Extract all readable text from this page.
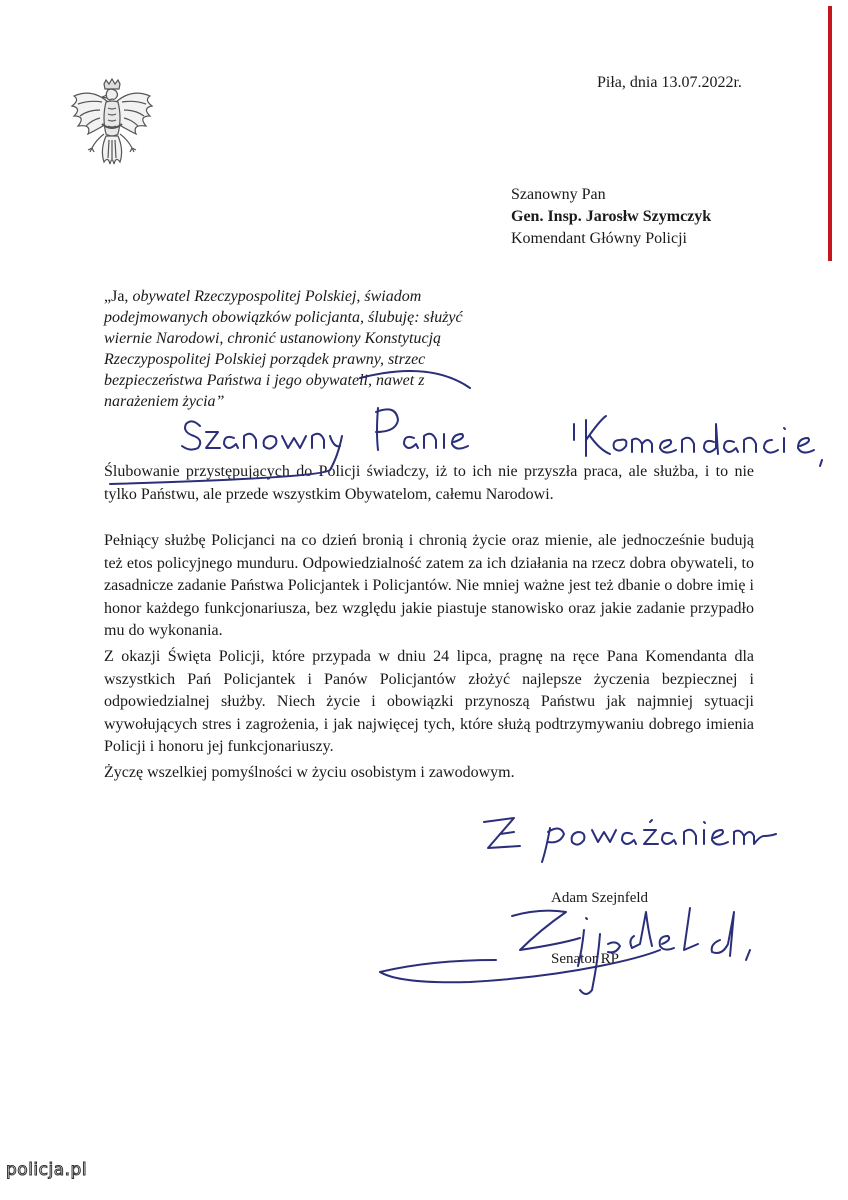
Piła, dnia 13.07.2022r.
Szanowny Pan
Gen. Insp. Jarosłw Szymczyk
Komendant Główny Policji
„Ja, obywatel Rzeczypospolitej Polskiej, świadom podejmowanych obowiązków policjanta, ślubuję: służyć wiernie Narodowi, chronić ustanowiony Konstytucją Rzeczypospolitej Polskiej porządek prawny, strzec bezpieczeństwa Państwa i jego obywateli, nawet z narażeniem życia”
Ślubowanie przystępujących do Policji świadczy, iż to ich nie przyszła praca, ale służba, i to nie tylko Państwu, ale przede wszystkim Obywatelom, całemu Narodowi.
Pełniący służbę Policjanci na co dzień bronią i chronią życie oraz mienie, ale jednocześnie budują też etos policyjnego munduru. Odpowiedzialność zatem za ich działania na rzecz dobra obywateli, to zasadnicze zadanie Państwa Policjantek i Policjantów. Nie mniej ważne jest też dbanie o dobre imię i honor każdego funkcjonariusza, bez względu jakie piastuje stanowisko oraz jakie zadanie przypadło mu do wykonania.
Z okazji Święta Policji, które przypada w dniu 24 lipca, pragnę na ręce Pana Komendanta dla wszystkich Pań Policjantek i Panów Policjantów złożyć najlepsze życzenia bezpiecznej i odpowiedzialnej służby. Niech życie i obowiązki przynoszą Państwu jak najmniej sytuacji wywołujących stres i zagrożenia, i jak najwięcej tych, które służą podtrzymywaniu dobrego imienia Policji i honoru jej funkcjonariuszy.
Życzę wszelkiej pomyślności w życiu osobistym i zawodowym.
Adam Szejnfeld
Senator RP
policja.pl
